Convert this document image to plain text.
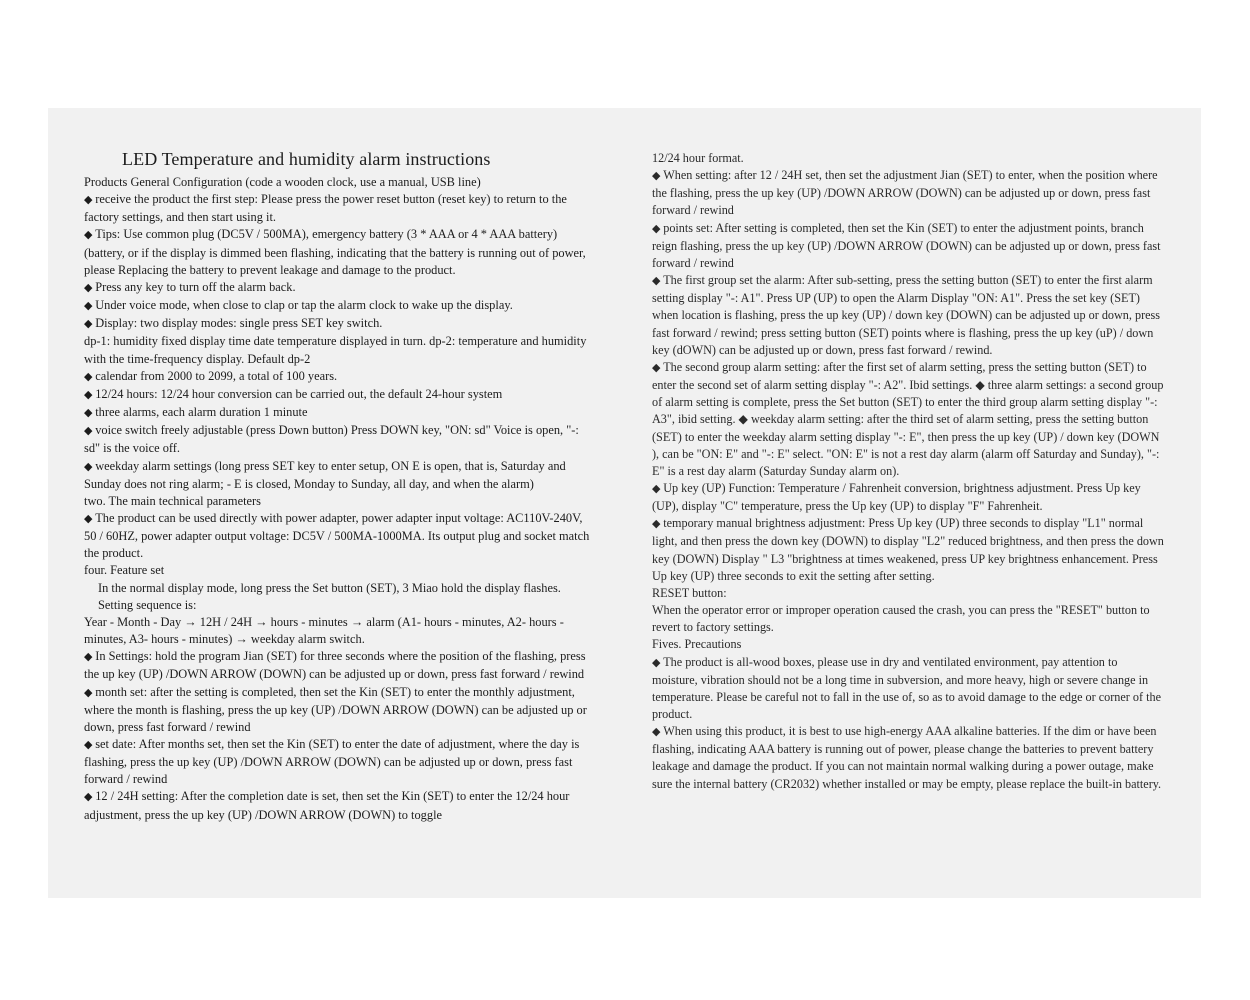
LED Temperature and humidity alarm instructions

Products General Configuration (code a wooden clock, use a manual, USB line)

◆ receive the product the first step: Please press the power reset button (reset key) to return to the factory settings, and then start using it.

◆ Tips: Use common plug (DC5V / 500MA), emergency battery (3 * AAA or 4 * AAA battery) (battery, or if the display is dimmed been flashing, indicating that the battery is running out of power, please Replacing the battery to prevent leakage and damage to the product.

◆ Press any key to turn off the alarm back.

◆ Under voice mode, when close to clap or tap the alarm clock to wake up the display.

◆ Display: two display modes: single press SET key switch.

dp-1: humidity fixed display time date temperature displayed in turn. dp-2: temperature and humidity with the time-frequency display. Default dp-2

◆ calendar from 2000 to 2099, a total of 100 years.

◆ 12/24 hours: 12/24 hour conversion can be carried out, the default 24-hour system

◆ three alarms, each alarm duration 1 minute

◆ voice switch freely adjustable (press Down button) Press DOWN key, "ON: sd" Voice is open, "-: sd" is the voice off.

◆ weekday alarm settings (long press SET key to enter setup, ON E is open, that is, Saturday and Sunday does not ring alarm; - E is closed, Monday to Sunday, all day, and when the alarm)

two. The main technical parameters

◆ The product can be used directly with power adapter, power adapter input voltage: AC110V-240V, 50 / 60HZ, power adapter output voltage: DC5V / 500MA-1000MA. Its output plug and socket match the product.

four. Feature set

In the normal display mode, long press the Set button (SET), 3 Miao hold the display flashes. Setting sequence is:

Year - Month - Day → 12H / 24H → hours - minutes → alarm (A1- hours - minutes, A2- hours - minutes, A3- hours - minutes) → weekday alarm switch.

◆ In Settings: hold the program Jian (SET) for three seconds where the position of the flashing, press the up key (UP) /DOWN ARROW (DOWN) can be adjusted up or down, press fast forward / rewind

◆ month set: after the setting is completed, then set the Kin (SET) to enter the monthly adjustment, where the month is flashing, press the up key (UP) /DOWN ARROW (DOWN) can be adjusted up or down, press fast forward / rewind

◆ set date: After months set, then set the Kin (SET) to enter the date of adjustment, where the day is flashing, press the up key (UP) /DOWN ARROW (DOWN) can be adjusted up or down, press fast forward / rewind

◆ 12 / 24H setting: After the completion date is set, then set the Kin (SET) to enter the 12/24 hour adjustment, press the up key (UP) /DOWN ARROW (DOWN) to toggle

12/24 hour format.

◆ When setting: after 12 / 24H set, then set the adjustment Jian (SET) to enter, when the position where the flashing, press the up key (UP) /DOWN ARROW (DOWN) can be adjusted up or down, press fast forward / rewind

◆ points set: After setting is completed, then set the Kin (SET) to enter the adjustment points, branch reign flashing, press the up key (UP) /DOWN ARROW (DOWN) can be adjusted up or down, press fast forward / rewind

◆ The first group set the alarm: After sub-setting, press the setting button (SET) to enter the first alarm setting display "-: A1". Press UP (UP) to open the Alarm Display "ON: A1". Press the set key (SET) when location is flashing, press the up key (UP) / down key (DOWN) can be adjusted up or down, press fast forward / rewind; press setting button (SET) points where is flashing, press the up key (uP) / down key (dOWN) can be adjusted up or down, press fast forward / rewind.

◆ The second group alarm setting: after the first set of alarm setting, press the setting button (SET) to enter the second set of alarm setting display "-: A2". Ibid settings. ◆ three alarm settings: a second group of alarm setting is complete, press the Set button (SET) to enter the third group alarm setting display "-: A3", ibid setting. ◆ weekday alarm setting: after the third set of alarm setting, press the setting button (SET) to enter the weekday alarm setting display "-: E", then press the up key (UP) / down key (DOWN ), can be "ON: E" and "-: E" select. "ON: E" is not a rest day alarm (alarm off Saturday and Sunday), "-: E" is a rest day alarm (Saturday Sunday alarm on).

◆ Up key (UP) Function: Temperature / Fahrenheit conversion, brightness adjustment. Press Up key (UP), display "C" temperature, press the Up key (UP) to display "F" Fahrenheit.

◆ temporary manual brightness adjustment: Press Up key (UP) three seconds to display "L1" normal light, and then press the down key (DOWN) to display "L2" reduced brightness, and then press the down key (DOWN) Display " L3 "brightness at times weakened, press UP key brightness enhancement. Press Up key (UP) three seconds to exit the setting after setting.

RESET button:

When the operator error or improper operation caused the crash, you can press the "RESET" button to revert to factory settings.

Fives. Precautions

◆ The product is all-wood boxes, please use in dry and ventilated environment, pay attention to moisture, vibration should not be a long time in subversion, and more heavy, high or severe change in temperature. Please be careful not to fall in the use of, so as to avoid damage to the edge or corner of the product.

◆ When using this product, it is best to use high-energy AAA alkaline batteries. If the dim or have been flashing, indicating AAA battery is running out of power, please change the batteries to prevent battery leakage and damage the product. If you can not maintain normal walking during a power outage, make sure the internal battery (CR2032) whether installed or may be empty, please replace the built-in battery.
